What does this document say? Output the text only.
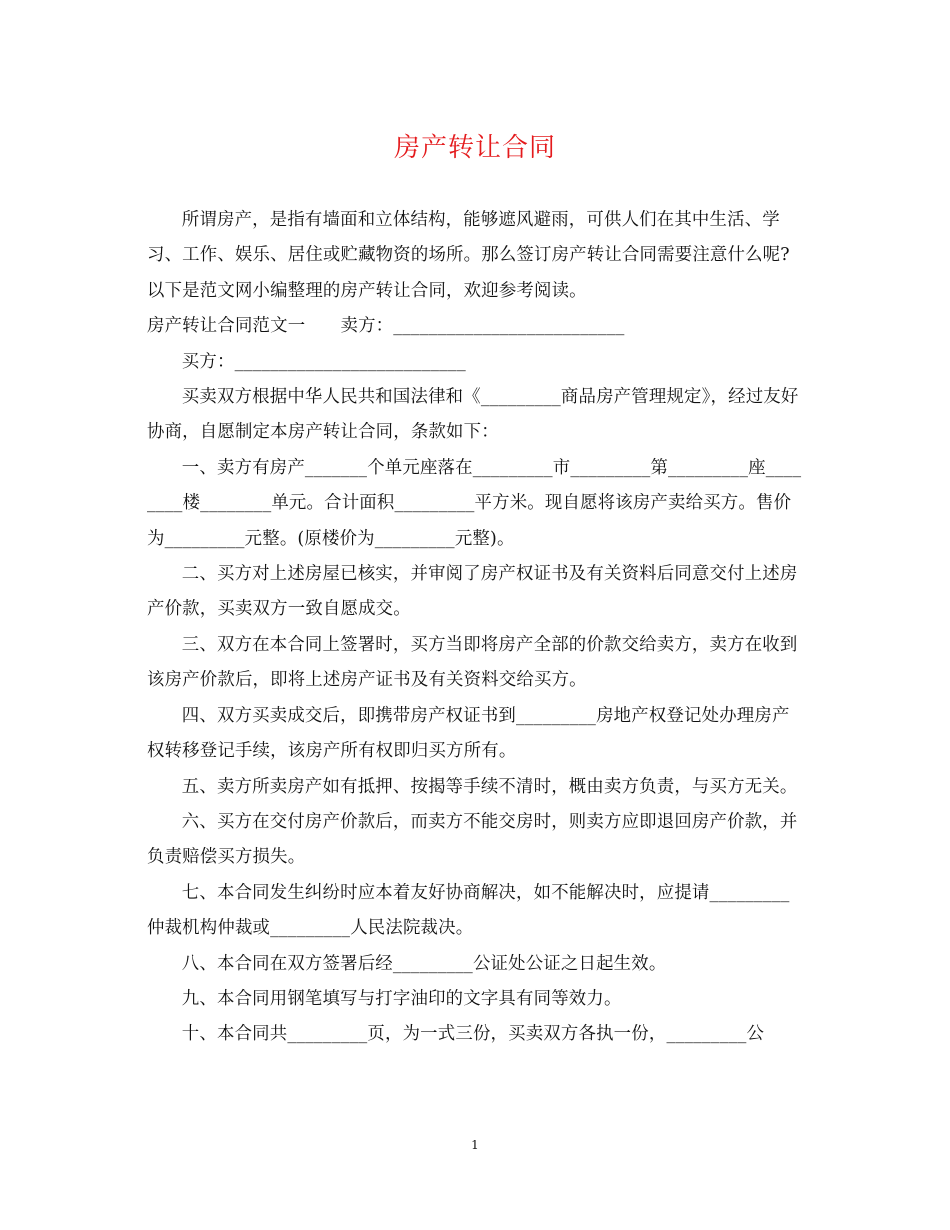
房产转让合同

所谓房产，是指有墙面和立体结构，能够遮风避雨，可供人们在其中生活、学习、工作、娱乐、居住或贮藏物资的场所。那么签订房产转让合同需要注意什么呢?以下是范文网小编整理的房产转让合同，欢迎参考阅读。

房产转让合同范文一　　卖方：__________________________

买方：__________________________

买卖双方根据中华人民共和国法律和《_________商品房产管理规定》，经过友好协商，自愿制定本房产转让合同，条款如下：

一、卖方有房产_______个单元座落在_________市_________第_________座________楼________单元。合计面积_________平方米。现自愿将该房产卖给买方。售价为_________元整。(原楼价为_________元整)。

二、买方对上述房屋已核实，并审阅了房产权证书及有关资料后同意交付上述房产价款，买卖双方一致自愿成交。

三、双方在本合同上签署时，买方当即将房产全部的价款交给卖方，卖方在收到该房产价款后，即将上述房产证书及有关资料交给买方。

四、双方买卖成交后，即携带房产权证书到_________房地产权登记处办理房产权转移登记手续，该房产所有权即归买方所有。

五、卖方所卖房产如有抵押、按揭等手续不清时，概由卖方负责，与买方无关。

六、买方在交付房产价款后，而卖方不能交房时，则卖方应即退回房产价款，并负责赔偿买方损失。

七、本合同发生纠纷时应本着友好协商解决，如不能解决时，应提请_________仲裁机构仲裁或_________人民法院裁决。

八、本合同在双方签署后经_________公证处公证之日起生效。

九、本合同用钢笔填写与打字油印的文字具有同等效力。

十、本合同共_________页，为一式三份，买卖双方各执一份，_________公

1
